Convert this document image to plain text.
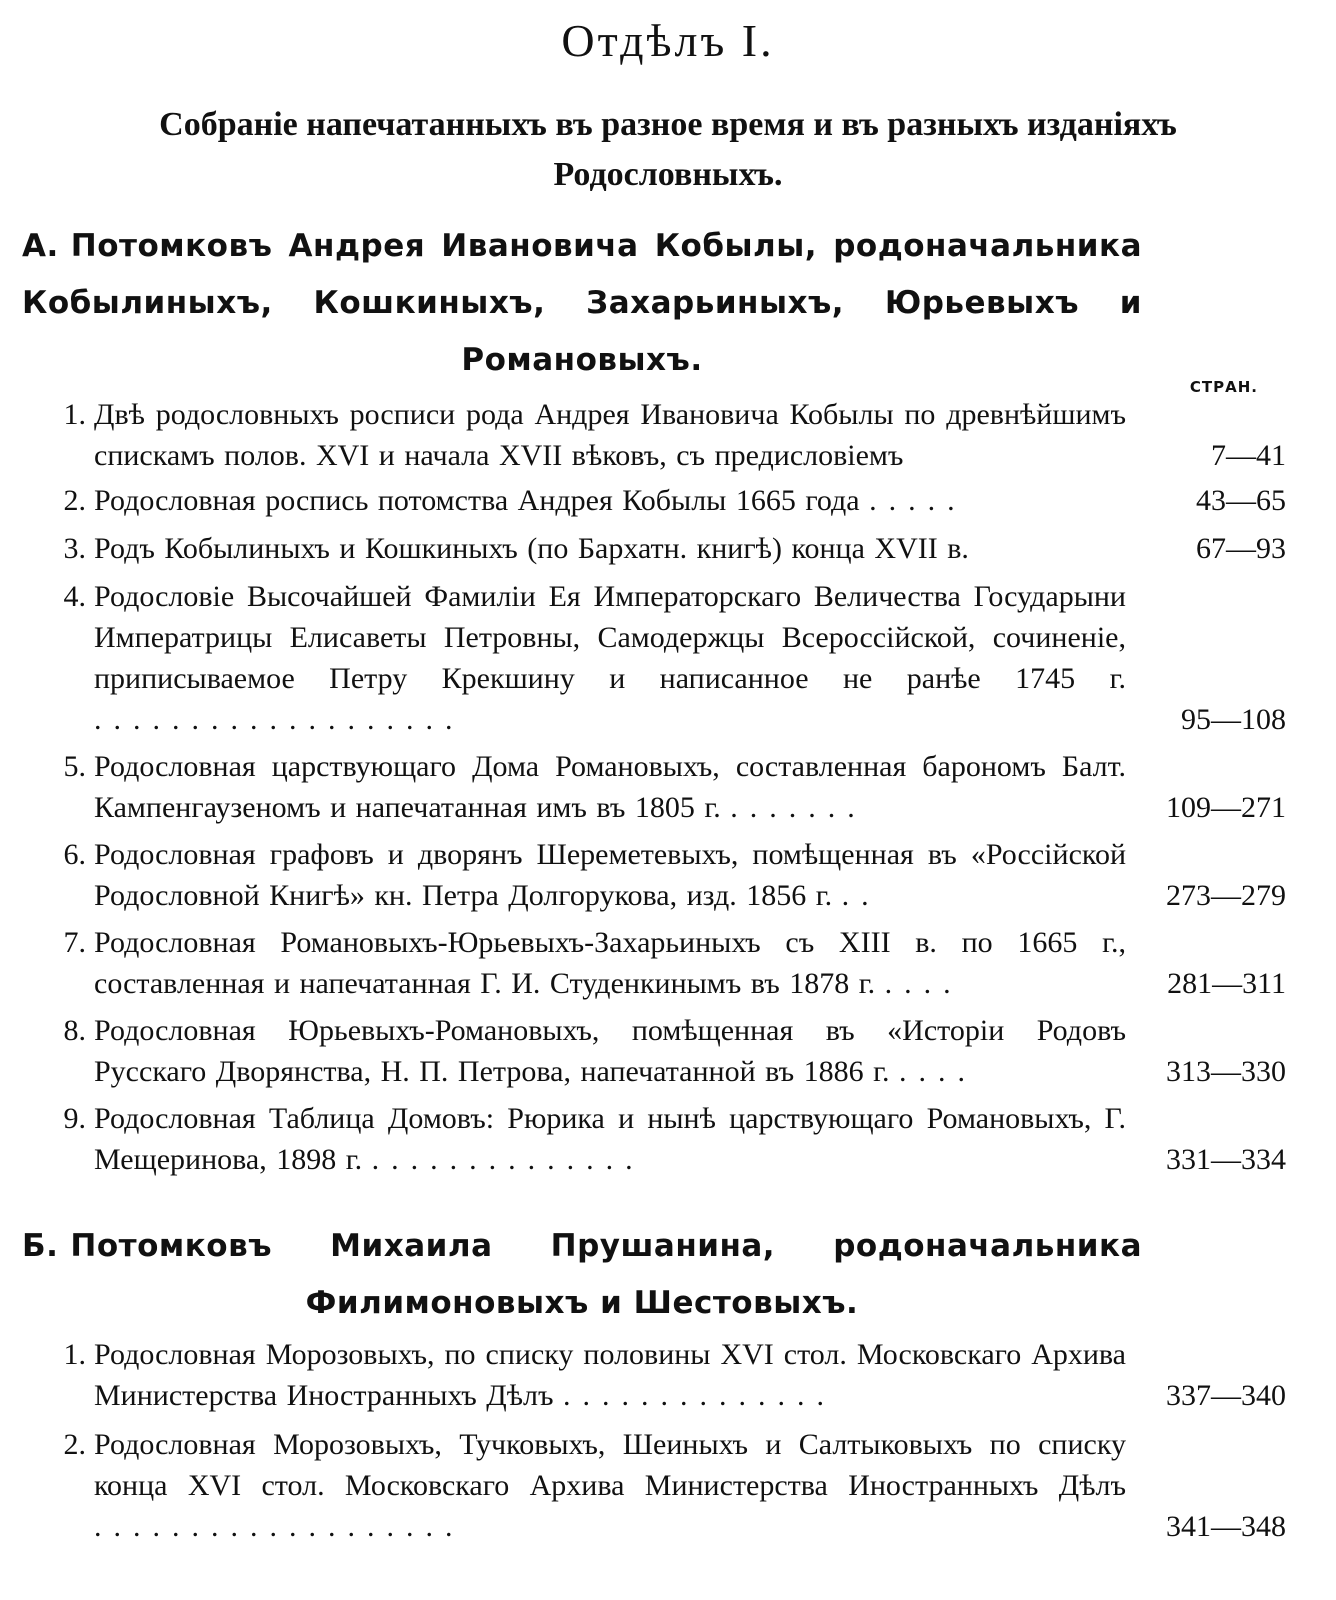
Отдѣлъ I.
Собраніе напечатанныхъ въ разное время и въ разныхъ изданіяхъ
Родословныхъ.
А. Потомковъ Андрея Ивановича Кобылы, родоначальника Кобылиныхъ, Кошкиныхъ, Захарьиныхъ, Юрьевыхъ и Романовыхъ.
СТРАН.
1. Двѣ родословныхъ росписи рода Андрея Ивановича Кобылы по древнѣйшимъ спискамъ полов. XVI и начала XVII вѣковъ, съ предисловіемъ	7—41
2. Родословная роспись потомства Андрея Кобылы 1665 года .....	43—65
3. Родъ Кобылиныхъ и Кошкиныхъ (по Бархатн. книгѣ) конца XVII в.	67—93
4. Родословіе Высочайшей Фамиліи Ея Императорскаго Величества Государыни Императрицы Елисаветы Петровны, Самодержцы Всероссійской, сочиненіе, приписываемое Петру Крекшину и написанное не ранѣе 1745 г. ...................	95—108
5. Родословная царствующаго Дома Романовыхъ, составленная барономъ Балт. Кампенгаузеномъ и напечатанная имъ въ 1805 г. .......	109—271
6. Родословная графовъ и дворянъ Шереметевыхъ, помѣщенная въ «Россійской Родословной Книгѣ» кн. Петра Долгорукова, изд. 1856 г. ..	273—279
7. Родословная Романовыхъ-Юрьевыхъ-Захарьиныхъ съ XIII в. по 1665 г., составленная и напечатанная Г. И. Студенкинымъ въ 1878 г. ....	281—311
8. Родословная Юрьевыхъ-Романовыхъ, помѣщенная въ «Исторіи Родовъ Русскаго Дворянства, Н. П. Петрова, напечатанной въ 1886 г. ....	313—330
9. Родословная Таблица Домовъ: Рюрика и нынѣ царствующаго Романовыхъ, Г. Мещеринова, 1898 г. ..............	331—334
Б. Потомковъ Михаила Прушанина, родоначальника Филимоновыхъ и Шестовыхъ.
1. Родословная Морозовыхъ, по списку половины XVI стол. Московскаго Архива Министерства Иностранныхъ Дѣлъ ..............	337—340
2. Родословная Морозовыхъ, Тучковыхъ, Шеиныхъ и Салтыковыхъ по списку конца XVI стол. Московскаго Архива Министерства Иностранныхъ Дѣлъ ...................	341—348
